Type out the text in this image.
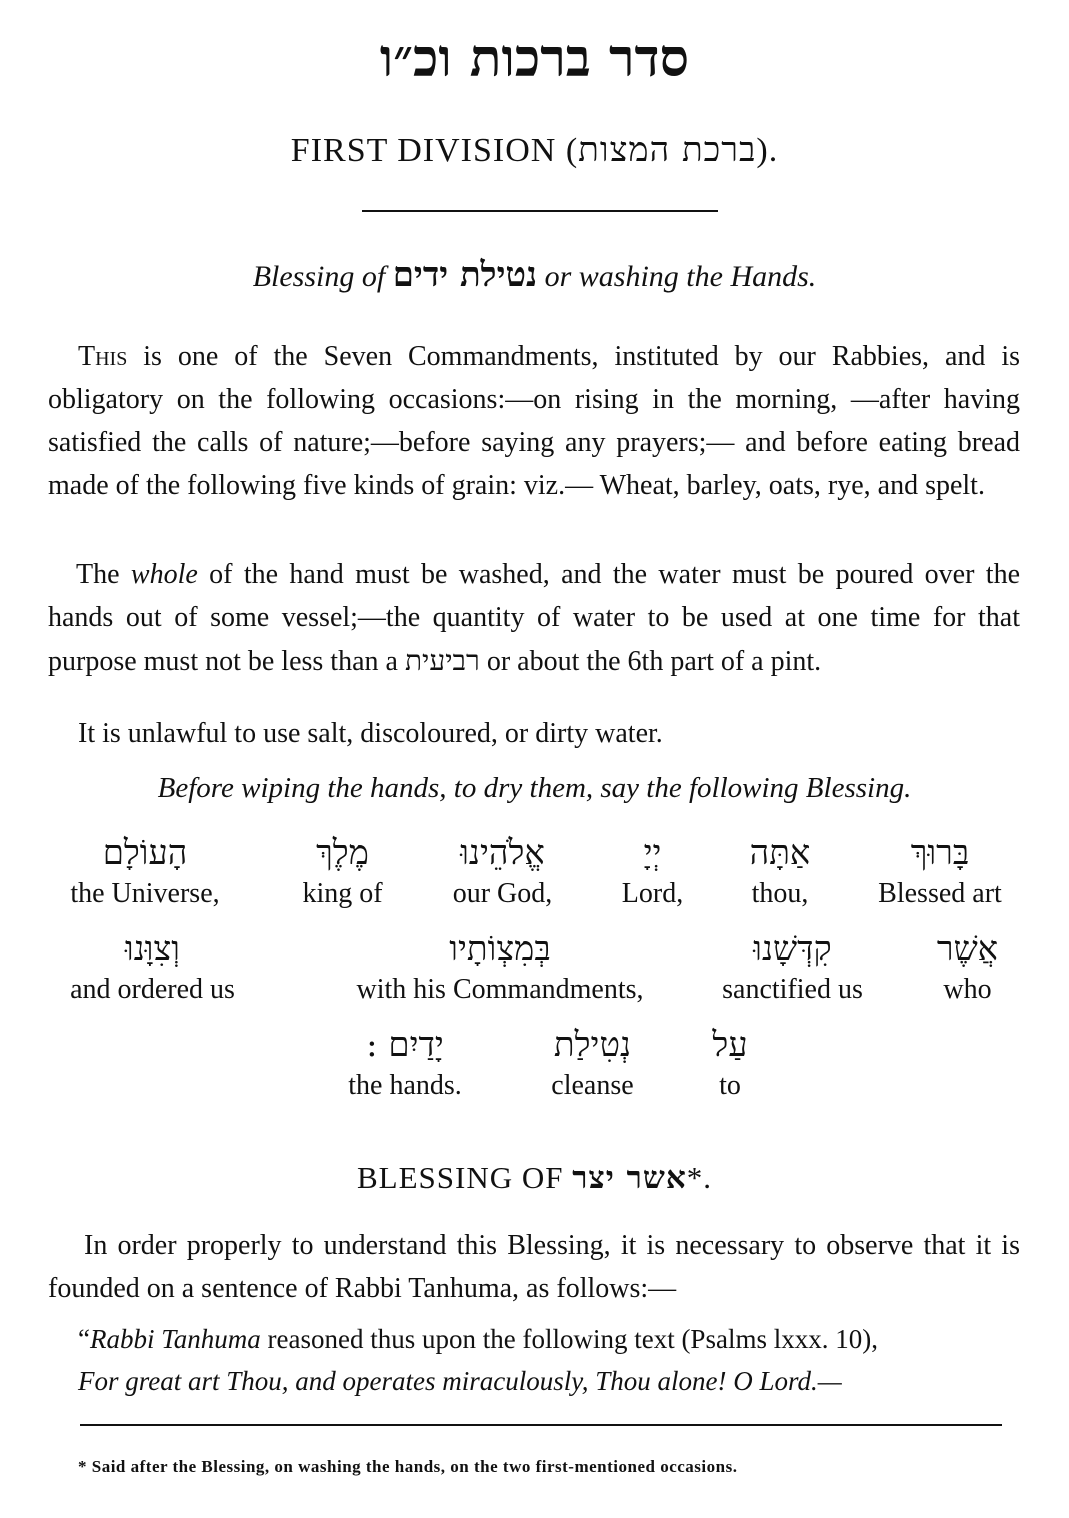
סדר ברכות וכ״ו
FIRST DIVISION (ברכת המצות).
Blessing of נטילת ידים or washing the Hands.
This is one of the Seven Commandments, instituted by our Rabbies, and is obligatory on the following occasions:—on rising in the morning, —after having satisfied the calls of nature;—before saying any prayers;— and before eating bread made of the following five kinds of grain: viz.— Wheat, barley, oats, rye, and spelt.
The whole of the hand must be washed, and the water must be poured over the hands out of some vessel;—the quantity of water to be used at one time for that purpose must not be less than a רביעית or about the 6th part of a pint.
It is unlawful to use salt, discoloured, or dirty water.
Before wiping the hands, to dry them, say the following Blessing.
בָּרוּךְ
Blessed art
אַתָּה
thou,
יְיָ
Lord,
אֱלֹהֵינוּ
our God,
מֶלֶךְ
king of
הָעוֹלָם
the Universe,
אֲשֶׁר
who
קִדְּשָׁנוּ
sanctified us
בְּמִצְוֹתָיו
with his Commandments,
וְצִוָּנוּ
and ordered us
עַל
to
נְטִילַת
cleanse
יָדַיִם :
the hands.
BLESSING OF אשר יצר*.
In order properly to understand this Blessing, it is necessary to observe that it is founded on a sentence of Rabbi Tanhuma, as follows:—
“Rabbi Tanhuma reasoned thus upon the following text (Psalms lxxx. 10),
For great art Thou, and operates miraculously, Thou alone! O Lord.—
* Said after the Blessing, on washing the hands, on the two first-mentioned occasions.
